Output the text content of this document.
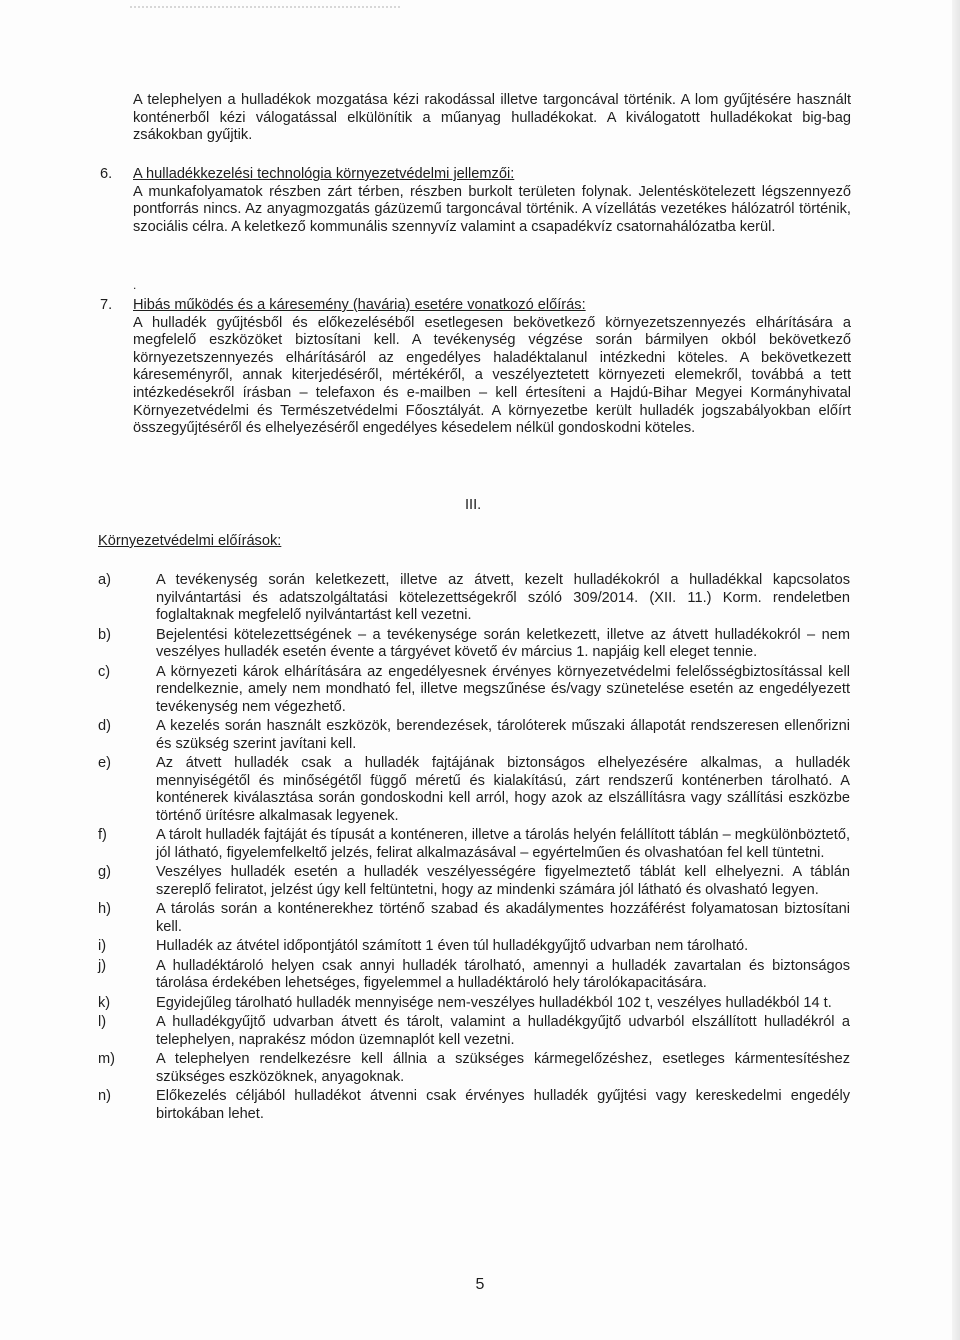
A telephelyen a hulladékok mozgatása kézi rakodással illetve targoncával történik. A lom gyűjtésére használt konténerből kézi válogatással elkülönítik a műanyag hulladékokat. A kiválogatott hulladékokat big-bag zsákokban gyűjtik.
6. A hulladékkezelési technológia környezetvédelmi jellemzői:
A munkafolyamatok részben zárt térben, részben burkolt területen folynak. Jelentéskötelezett légszennyező pontforrás nincs. Az anyagmozgatás gázüzemű targoncával történik. A vízellátás vezetékes hálózatról történik, szociális célra. A keletkező kommunális szennyvíz valamint a csapadékvíz csatornahálózatba kerül.
.
7. Hibás működés és a káresemény (havária) esetére vonatkozó előírás:
A hulladék gyűjtésből és előkezeléséből esetlegesen bekövetkező környezetszennyezés elhárítására a megfelelő eszközöket biztosítani kell. A tevékenység végzése során bármilyen okból bekövetkező környezetszennyezés elhárításáról az engedélyes haladéktalanul intézkedni köteles. A bekövetkezett káreseményről, annak kiterjedéséről, mértékéről, a veszélyeztetett környezeti elemekről, továbbá a tett intézkedésekről írásban – telefaxon és e-mailben – kell értesíteni a Hajdú-Bihar Megyei Kormányhivatal Környezetvédelmi és Természetvédelmi Főosztályát. A környezetbe került hulladék jogszabályokban előírt összegyűjtéséről és elhelyezéséről engedélyes késedelem nélkül gondoskodni köteles.
III.
Környezetvédelmi előírások:
a)	A tevékenység során keletkezett, illetve az átvett, kezelt hulladékokról a hulladékkal kapcsolatos nyilvántartási és adatszolgáltatási kötelezettségekről szóló 309/2014. (XII. 11.) Korm. rendeletben foglaltaknak megfelelő nyilvántartást kell vezetni.
b)	Bejelentési kötelezettségének – a tevékenysége során keletkezett, illetve az átvett hulladékokról – nem veszélyes hulladék esetén évente a tárgyévet követő év március 1. napjáig kell eleget tennie.
c)	A környezeti károk elhárítására az engedélyesnek érvényes környezetvédelmi felelősségbiztosítással kell rendelkeznie, amely nem mondható fel, illetve megszűnése és/vagy szünetelése esetén az engedélyezett tevékenység nem végezhető.
d)	A kezelés során használt eszközök, berendezések, tárolóterek műszaki állapotát rendszeresen ellenőrizni és szükség szerint javítani kell.
e)	Az átvett hulladék csak a hulladék fajtájának biztonságos elhelyezésére alkalmas, a hulladék mennyiségétől és minőségétől függő méretű és kialakítású, zárt rendszerű konténerben tárolható. A konténerek kiválasztása során gondoskodni kell arról, hogy azok az elszállításra vagy szállítási eszközbe történő ürítésre alkalmasak legyenek.
f)	A tárolt hulladék fajtáját és típusát a konténeren, illetve a tárolás helyén felállított táblán – megkülönböztető, jól látható, figyelemfelkeltő jelzés, felirat alkalmazásával – egyértelműen és olvashatóan fel kell tüntetni.
g)	Veszélyes hulladék esetén a hulladék veszélyességére figyelmeztető táblát kell elhelyezni. A táblán szereplő feliratot, jelzést úgy kell feltüntetni, hogy az mindenki számára jól látható és olvasható legyen.
h)	A tárolás során a konténerekhez történő szabad és akadálymentes hozzáférést folyamatosan biztosítani kell.
i)	Hulladék az átvétel időpontjától számított 1 éven túl hulladékgyűjtő udvarban nem tárolható.
j)	A hulladéktároló helyen csak annyi hulladék tárolható, amennyi a hulladék zavartalan és biztonságos tárolása érdekében lehetséges, figyelemmel a hulladéktároló hely tárolókapacitására.
k)	Egyidejűleg tárolható hulladék mennyisége nem-veszélyes hulladékból 102 t, veszélyes hulladékból 14 t.
l)	A hulladékgyűjtő udvarban átvett és tárolt, valamint a hulladékgyűjtő udvarból elszállított hulladékról a telephelyen, naprakész módon üzemnaplót kell vezetni.
m)	A telephelyen rendelkezésre kell állnia a szükséges kármegelőzéshez, esetleges kármentesítéshez szükséges eszközöknek, anyagoknak.
n)	Előkezelés céljából hulladékot átvenni csak érvényes hulladék gyűjtési vagy kereskedelmi engedély birtokában lehet.
5
